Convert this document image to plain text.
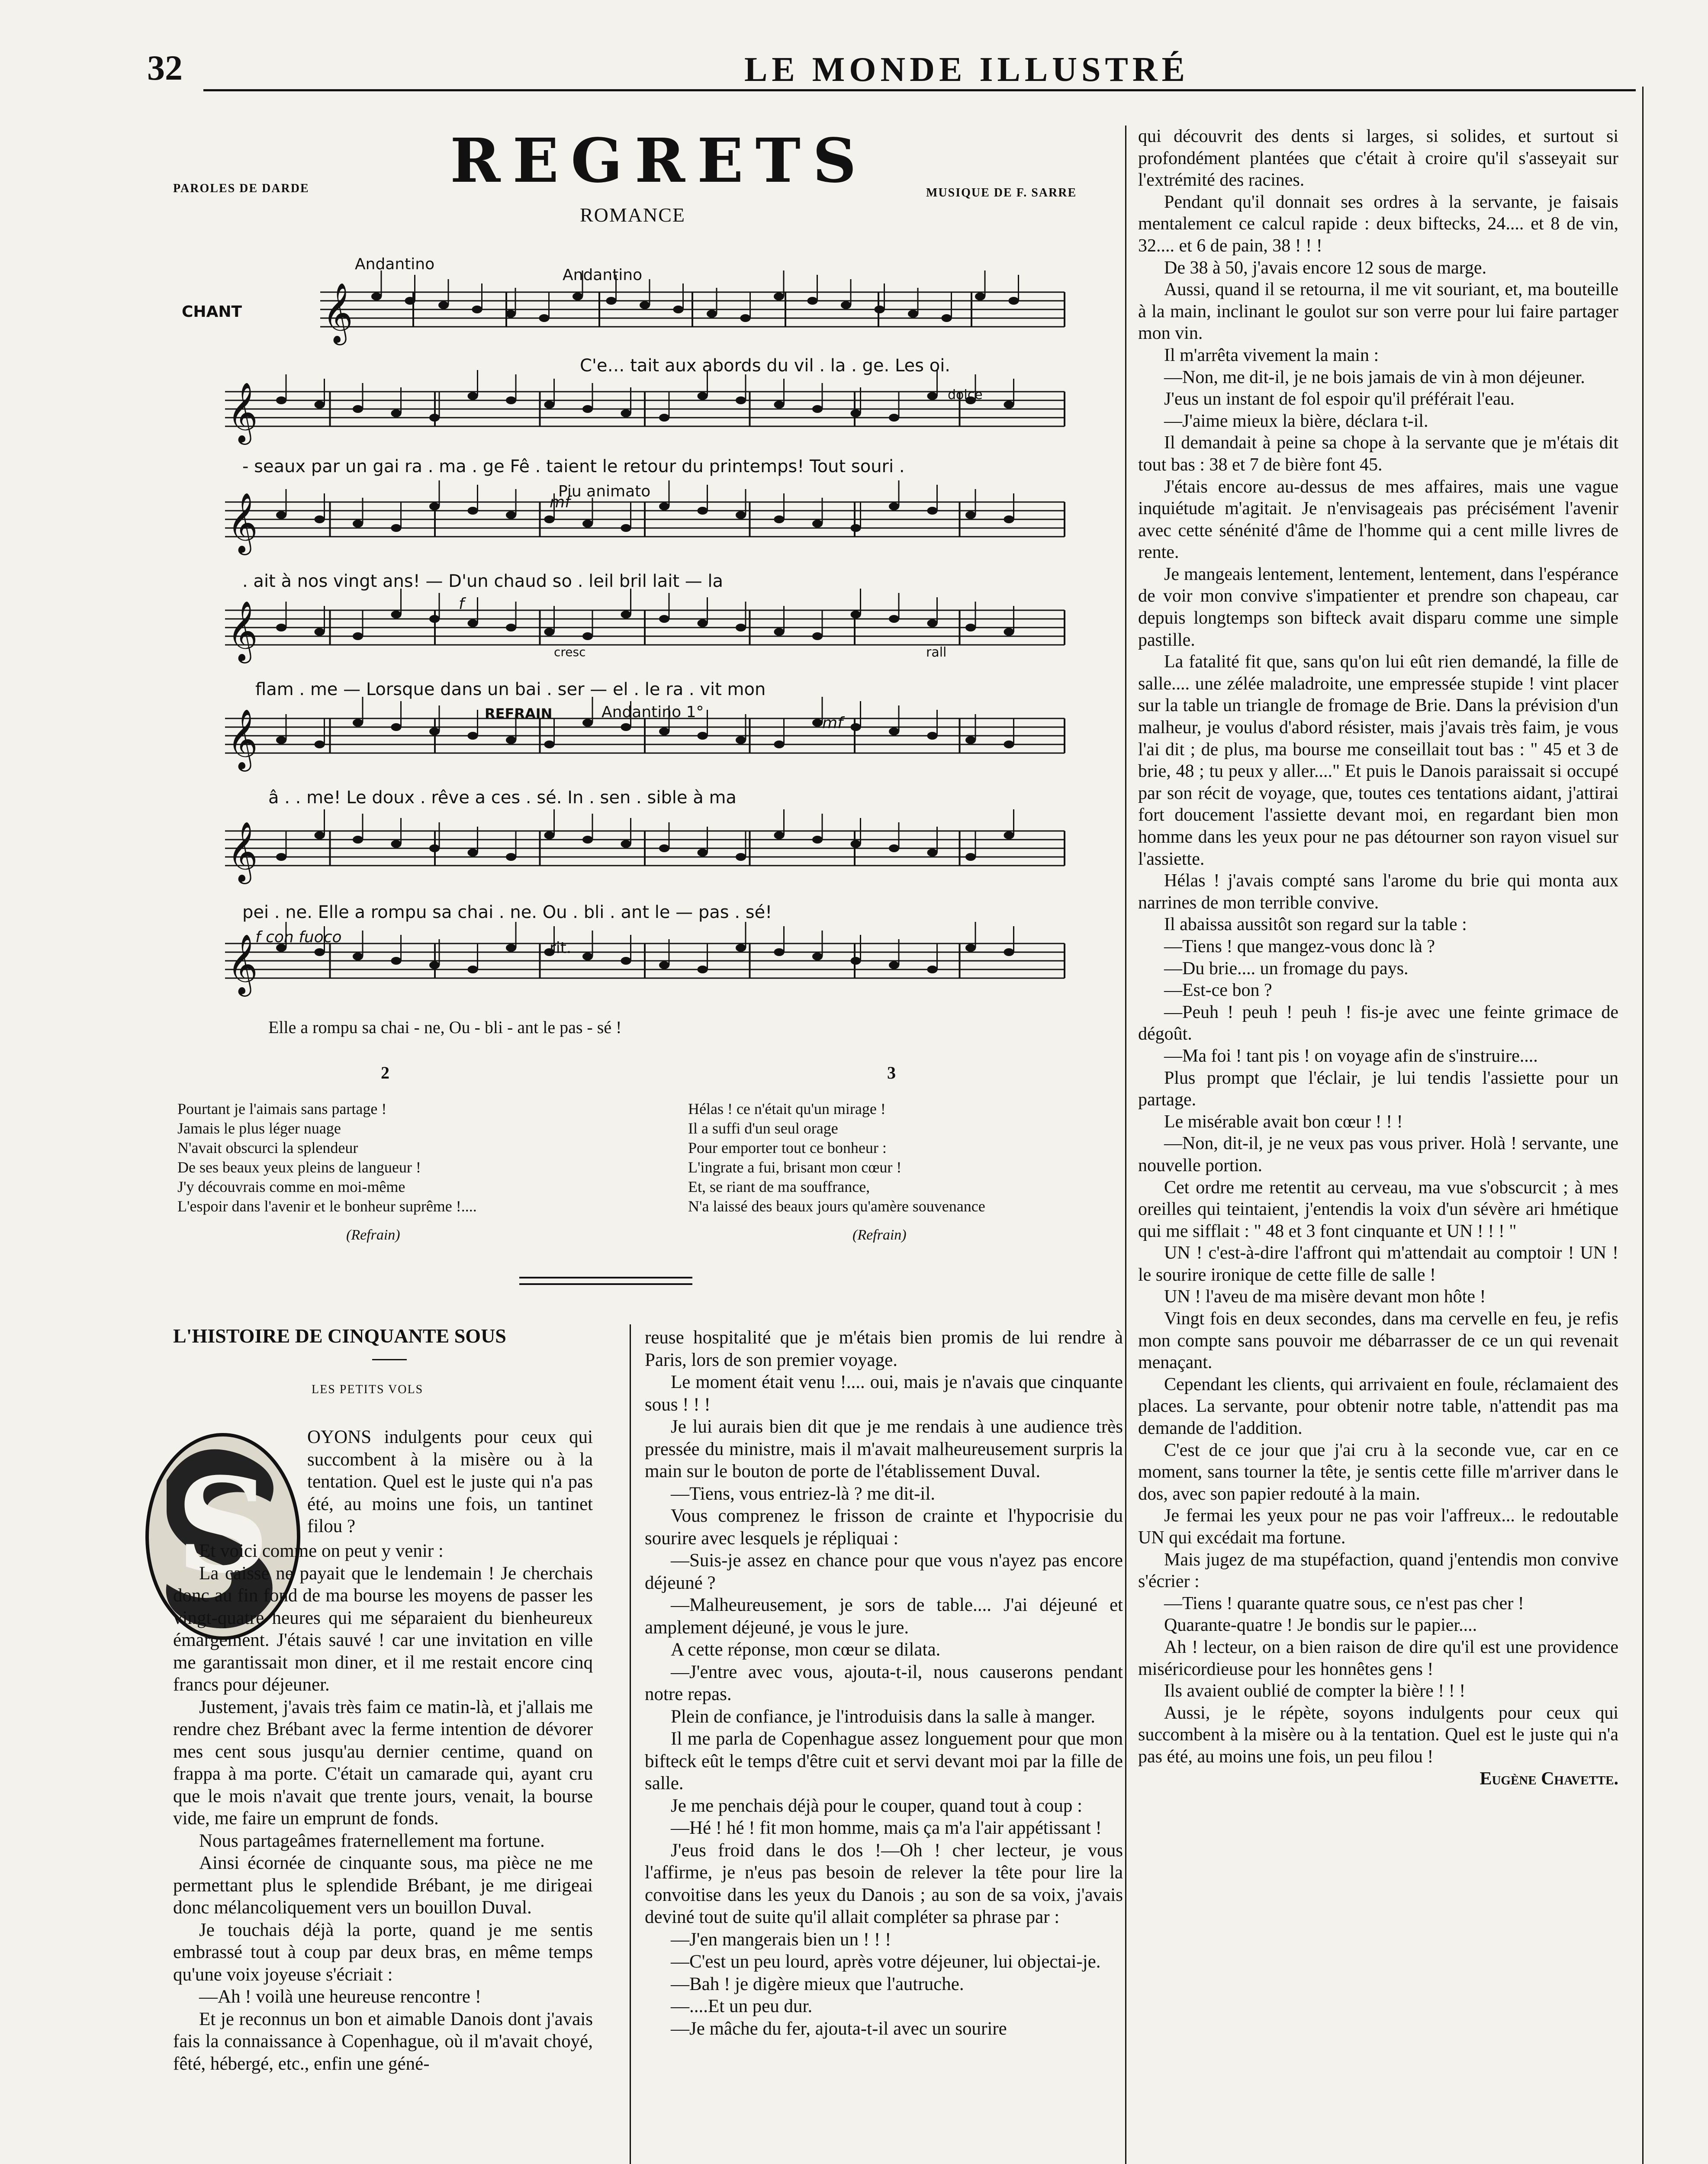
32	LE MONDE ILLUSTRÉ
REGRETS
PAROLES DE DARDE	MUSIQUE DE F. SARRE
ROMANCE
𝄞
𝄞
𝄞
𝄞
𝄞
𝄞
𝄞
CHANT
Andantino
Andantino
Piu animato
cresc	rall
REFRAIN	Andantino 1°
dolce
mf
f
mf
f con fuoco
rit.
C'e… tait aux abords du vil . la . ge. Les oi.
- seaux par un gai ra . ma . ge Fê . taient le retour du printemps! Tout souri .
. ait à nos vingt ans! — D'un chaud so . leil bril lait — la
flam . me — Lorsque dans un bai . ser — el . le ra . vit mon
â . . me! Le doux . rêve a ces . sé. In . sen . sible à ma
pei . ne. Elle a rompu sa chai . ne. Ou . bli . ant le — pas . sé!
Elle a rompu sa chai - ne, Ou - bli - ant le pas - sé !
2
Pourtant je l'aimais sans partage !
Jamais le plus léger nuage
N'avait obscurci la splendeur
De ses beaux yeux pleins de langueur !
J'y découvrais comme en moi-même
L'espoir dans l'avenir et le bonheur suprême !....
(Refrain)
3
Hélas ! ce n'était qu'un mirage !
Il a suffi d'un seul orage
Pour emporter tout ce bonheur :
L'ingrate a fui, brisant mon cœur !
Et, se riant de ma souffrance,
N'a laissé des beaux jours qu'amère souvenance
(Refrain)
L'HISTOIRE DE CINQUANTE SOUS
LES PETITS VOLS
S

OYONS indulgents pour ceux qui succombent à la misère ou à la tentation. Quel est le juste qui n'a pas été, au moins une fois, un tantinet filou ?

Et voici comme on peut y venir :

La caisse ne payait que le lendemain ! Je cherchais donc au fin fond de ma bourse les moyens de passer les vingt-quatre heures qui me séparaient du bienheureux émargement. J'étais sauvé ! car une invitation en ville me garantissait mon diner, et il me restait encore cinq francs pour déjeuner.

Justement, j'avais très faim ce matin-là, et j'allais me rendre chez Brébant avec la ferme intention de dévorer mes cent sous jusqu'au dernier centime, quand on frappa à ma porte. C'était un camarade qui, ayant cru que le mois n'avait que trente jours, venait, la bourse vide, me faire un emprunt de fonds.

Nous partageâmes fraternellement ma fortune.

Ainsi écornée de cinquante sous, ma pièce ne me permettant plus le splendide Brébant, je me dirigeai donc mélancoliquement vers un bouillon Duval.

Je touchais déjà la porte, quand je me sentis embrassé tout à coup par deux bras, en même temps qu'une voix joyeuse s'écriait :

—Ah ! voilà une heureuse rencontre !

Et je reconnus un bon et aimable Danois dont j'avais fais la connaissance à Copenhague, où il m'avait choyé, fêté, hébergé, etc., enfin une géné-

reuse hospitalité que je m'étais bien promis de lui rendre à Paris, lors de son premier voyage.

Le moment était venu !.... oui, mais je n'avais que cinquante sous ! ! !

Je lui aurais bien dit que je me rendais à une audience très pressée du ministre, mais il m'avait malheureusement surpris la main sur le bouton de porte de l'établissement Duval.

—Tiens, vous entriez-là ? me dit-il.

Vous comprenez le frisson de crainte et l'hypocrisie du sourire avec lesquels je répliquai :

—Suis-je assez en chance pour que vous n'ayez pas encore déjeuné ?

—Malheureusement, je sors de table.... J'ai déjeuné et amplement déjeuné, je vous le jure.

A cette réponse, mon cœur se dilata.

—J'entre avec vous, ajouta-t-il, nous causerons pendant notre repas.

Plein de confiance, je l'introduisis dans la salle à manger.

Il me parla de Copenhague assez longuement pour que mon bifteck eût le temps d'être cuit et servi devant moi par la fille de salle.

Je me penchais déjà pour le couper, quand tout à coup :

—Hé ! hé ! fit mon homme, mais ça m'a l'air appétissant !

J'eus froid dans le dos !—Oh ! cher lecteur, je vous l'affirme, je n'eus pas besoin de relever la tête pour lire la convoitise dans les yeux du Danois ; au son de sa voix, j'avais deviné tout de suite qu'il allait compléter sa phrase par :

—J'en mangerais bien un ! ! !

—C'est un peu lourd, après votre déjeuner, lui objectai-je.

—Bah ! je digère mieux que l'autruche.

—....Et un peu dur.

—Je mâche du fer, ajouta-t-il avec un sourire

qui découvrit des dents si larges, si solides, et surtout si profondément plantées que c'était à croire qu'il s'asseyait sur l'extrémité des racines.

Pendant qu'il donnait ses ordres à la servante, je faisais mentalement ce calcul rapide : deux biftecks, 24.... et 8 de vin, 32.... et 6 de pain, 38 ! ! !

De 38 à 50, j'avais encore 12 sous de marge.

Aussi, quand il se retourna, il me vit souriant, et, ma bouteille à la main, inclinant le goulot sur son verre pour lui faire partager mon vin.

Il m'arrêta vivement la main :

—Non, me dit-il, je ne bois jamais de vin à mon déjeuner.

J'eus un instant de fol espoir qu'il préférait l'eau.

—J'aime mieux la bière, déclara t-il.

Il demandait à peine sa chope à la servante que je m'étais dit tout bas : 38 et 7 de bière font 45.

J'étais encore au-dessus de mes affaires, mais une vague inquiétude m'agitait. Je n'envisageais pas précisément l'avenir avec cette sénénité d'âme de l'homme qui a cent mille livres de rente.

Je mangeais lentement, lentement, lentement, dans l'espérance de voir mon convive s'impatienter et prendre son chapeau, car depuis longtemps son bifteck avait disparu comme une simple pastille.

La fatalité fit que, sans qu'on lui eût rien demandé, la fille de salle.... une zélée maladroite, une empressée stupide ! vint placer sur la table un triangle de fromage de Brie. Dans la prévision d'un malheur, je voulus d'abord résister, mais j'avais très faim, je vous l'ai dit ; de plus, ma bourse me conseillait tout bas : " 45 et 3 de brie, 48 ; tu peux y aller...." Et puis le Danois paraissait si occupé par son récit de voyage, que, toutes ces tentations aidant, j'attirai fort doucement l'assiette devant moi, en regardant bien mon homme dans les yeux pour ne pas détourner son rayon visuel sur l'assiette.

Hélas ! j'avais compté sans l'arome du brie qui monta aux narrines de mon terrible convive.

Il abaissa aussitôt son regard sur la table :

—Tiens ! que mangez-vous donc là ?

—Du brie.... un fromage du pays.

—Est-ce bon ?

—Peuh ! peuh ! peuh ! fis-je avec une feinte grimace de dégoût.

—Ma foi ! tant pis ! on voyage afin de s'instruire....

Plus prompt que l'éclair, je lui tendis l'assiette pour un partage.

Le misérable avait bon cœur ! ! !

—Non, dit-il, je ne veux pas vous priver. Holà ! servante, une nouvelle portion.

Cet ordre me retentit au cerveau, ma vue s'obscurcit ; à mes oreilles qui teintaient, j'entendis la voix d'un sévère ari hmétique qui me sifflait : " 48 et 3 font cinquante et UN ! ! ! "

UN ! c'est-à-dire l'affront qui m'attendait au comptoir ! UN ! le sourire ironique de cette fille de salle !

UN ! l'aveu de ma misère devant mon hôte !

Vingt fois en deux secondes, dans ma cervelle en feu, je refis mon compte sans pouvoir me débarrasser de ce un qui revenait menaçant.

Cependant les clients, qui arrivaient en foule, réclamaient des places. La servante, pour obtenir notre table, n'attendit pas ma demande de l'addition.

C'est de ce jour que j'ai cru à la seconde vue, car en ce moment, sans tourner la tête, je sentis cette fille m'arriver dans le dos, avec son papier redouté à la main.

Je fermai les yeux pour ne pas voir l'affreux... le redoutable UN qui excédait ma fortune.

Mais jugez de ma stupéfaction, quand j'entendis mon convive s'écrier :

—Tiens ! quarante quatre sous, ce n'est pas cher !

Quarante-quatre ! Je bondis sur le papier....

Ah ! lecteur, on a bien raison de dire qu'il est une providence miséricordieuse pour les honnêtes gens !

Ils avaient oublié de compter la bière ! ! !

Aussi, je le répète, soyons indulgents pour ceux qui succombent à la misère ou à la tentation. Quel est le juste qui n'a pas été, au moins une fois, un peu filou !

Eugène Chavette.
